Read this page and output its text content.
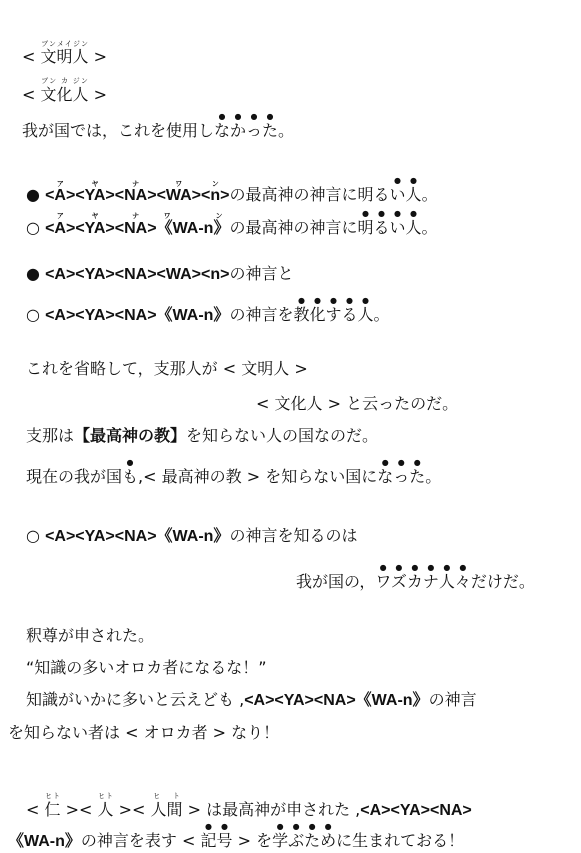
< 文明人ブンメイジン >
< 文化人ブン カ ジン >
我が国では，これを使用しなかった。
● <A>ア<YA>ヤ<NA>ナ<WA>ワ<n>ンの最高神の神言に明るい人。
○ <A>ア<YA>ヤ<NA>ナ《WA-n》ワ ンの最高神の神言に明るい人。
● <A><YA><NA><WA><n>の神言と
○ <A><YA><NA>《WA-n》の神言を教化する人。
これを省略して，支那人が < 文明人 >
< 文化人 > と云ったのだ。
支那は【最高神の教】を知らない人の国なのだ。
現在の我が国も,< 最高神の教 > を知らない国になった。
○ <A><YA><NA>《WA-n》の神言を知るのは
我が国の，ワズカナ人々だけだ。
釈尊が申された。
“知識の多いオロカ者になるな！”
知識がいかに多いと云えども ,<A><YA><NA>《WA-n》の神言
を知らない者は < オロカ者 > なり！
< 仁ヒト >< 人ヒト >< 人間ヒ ト > は最高神が申された ,<A><YA><NA>
《WA-n》の神言を表す < 記号 > を学ぶために生まれておる！
